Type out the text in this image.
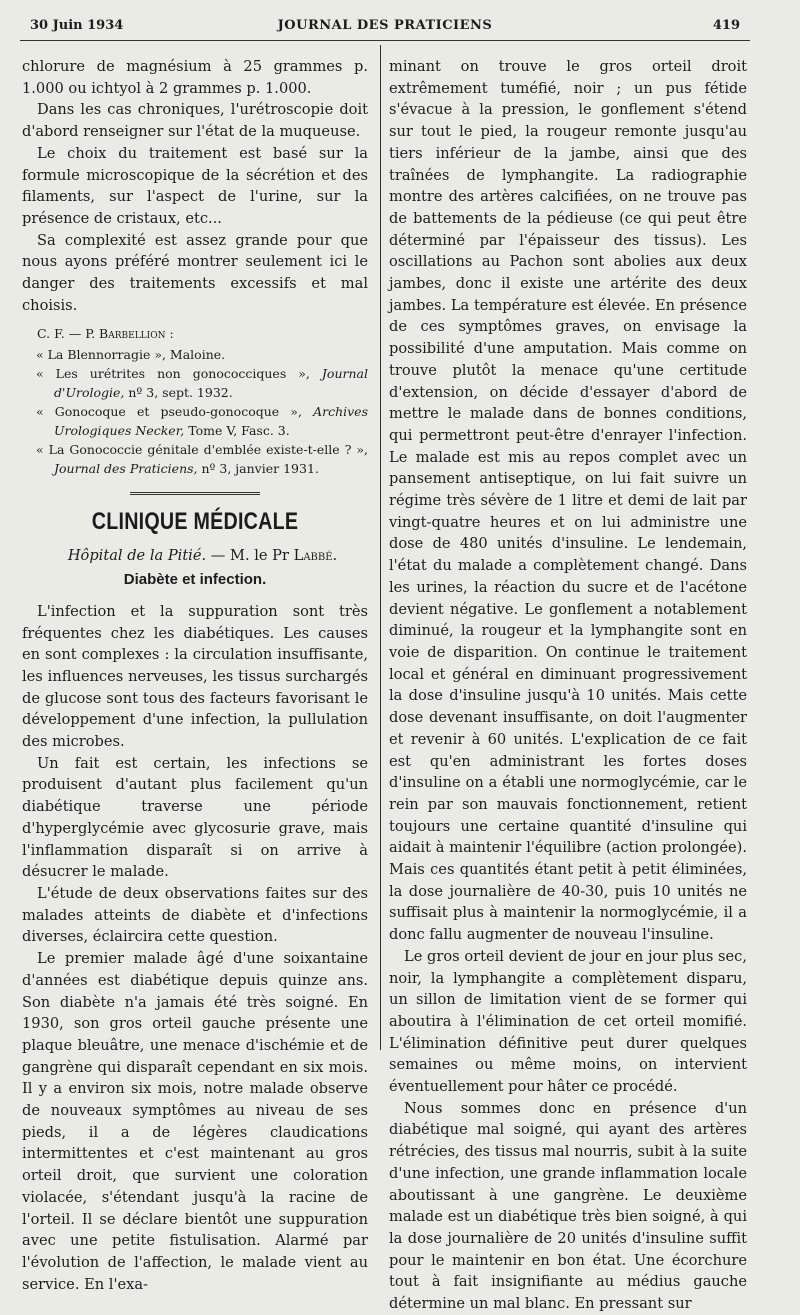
30 Juin 1934	JOURNAL DES PRATICIENS	419

chlorure de magnésium à 25 grammes p. 1.000 ou ichtyol à 2 grammes p. 1.000.

Dans les cas chroniques, l'urétroscopie doit d'abord renseigner sur l'état de la muqueuse.

Le choix du traitement est basé sur la formule microscopique de la sécrétion et des filaments, sur l'aspect de l'urine, sur la présence de cristaux, etc...

Sa complexité est assez grande pour que nous ayons préféré montrer seulement ici le danger des traitements excessifs et mal choisis.

C. F. — P. Barbellion :

« La Blennorragie », Maloine.

« Les urétrites non gonococciques », Journal d'Urologie, nº 3, sept. 1932.

« Gonocoque et pseudo-gonocoque », Archives Urologiques Necker, Tome V, Fasc. 3.

« La Gonococcie génitale d'emblée existe-t-elle ? », Journal des Praticiens, nº 3, janvier 1931.

CLINIQUE MÉDICALE

Hôpital de la Pitié. — M. le Pr Labbé.

Diabète et infection.

L'infection et la suppuration sont très fréquentes chez les diabétiques. Les causes en sont complexes : la circulation insuffisante, les influences nerveuses, les tissus surchargés de glucose sont tous des facteurs favorisant le développement d'une infection, la pullulation des microbes.

Un fait est certain, les infections se produisent d'autant plus facilement qu'un diabétique traverse une période d'hyperglycémie avec glycosurie grave, mais l'inflammation disparaît si on arrive à désucrer le malade.

L'étude de deux observations faites sur des malades atteints de diabète et d'infections diverses, éclaircira cette question.

Le premier malade âgé d'une soixantaine d'années est diabétique depuis quinze ans. Son diabète n'a jamais été très soigné. En 1930, son gros orteil gauche présente une plaque bleuâtre, une menace d'ischémie et de gangrène qui disparaît cependant en six mois. Il y a environ six mois, notre malade observe de nouveaux symptômes au niveau de ses pieds, il a de légères claudications intermittentes et c'est maintenant au gros orteil droit, que survient une coloration violacée, s'étendant jusqu'à la racine de l'orteil. Il se déclare bientôt une suppuration avec une petite fistulisation. Alarmé par l'évolution de l'affection, le malade vient au service. En l'exa-

minant on trouve le gros orteil droit extrêmement tuméfié, noir ; un pus fétide s'évacue à la pression, le gonflement s'étend sur tout le pied, la rougeur remonte jusqu'au tiers inférieur de la jambe, ainsi que des traînées de lymphangite. La radiographie montre des artères calcifiées, on ne trouve pas de battements de la pédieuse (ce qui peut être déterminé par l'épaisseur des tissus). Les oscillations au Pachon sont abolies aux deux jambes, donc il existe une artérite des deux jambes. La température est élevée. En présence de ces symptômes graves, on envisage la possibilité d'une amputation. Mais comme on trouve plutôt la menace qu'une certitude d'extension, on décide d'essayer d'abord de mettre le malade dans de bonnes conditions, qui permettront peut-être d'enrayer l'infection. Le malade est mis au repos complet avec un pansement antiseptique, on lui fait suivre un régime très sévère de 1 litre et demi de lait par vingt-quatre heures et on lui administre une dose de 480 unités d'insuline. Le lendemain, l'état du malade a complètement changé. Dans les urines, la réaction du sucre et de l'acétone devient négative. Le gonflement a notablement diminué, la rougeur et la lymphangite sont en voie de disparition. On continue le traitement local et général en diminuant progressivement la dose d'insuline jusqu'à 10 unités. Mais cette dose devenant insuffisante, on doit l'augmenter et revenir à 60 unités. L'explication de ce fait est qu'en administrant les fortes doses d'insuline on a établi une normoglycémie, car le rein par son mauvais fonctionnement, retient toujours une certaine quantité d'insuline qui aidait à maintenir l'équilibre (action prolongée). Mais ces quantités étant petit à petit éliminées, la dose journalière de 40-30, puis 10 unités ne suffisait plus à maintenir la normoglycémie, il a donc fallu augmenter de nouveau l'insuline.

Le gros orteil devient de jour en jour plus sec, noir, la lymphangite a complètement disparu, un sillon de limitation vient de se former qui aboutira à l'élimination de cet orteil momifié. L'élimination définitive peut durer quelques semaines ou même moins, on intervient éventuellement pour hâter ce procédé.

Nous sommes donc en présence d'un diabétique mal soigné, qui ayant des artères rétrécies, des tissus mal nourris, subit à la suite d'une infection, une grande inflammation locale aboutissant à une gangrène. Le deuxième malade est un diabétique très bien soigné, à qui la dose journalière de 20 unités d'insuline suffit pour le maintenir en bon état. Une écorchure tout à fait insignifiante au médius gauche détermine un mal blanc. En pressant sur
